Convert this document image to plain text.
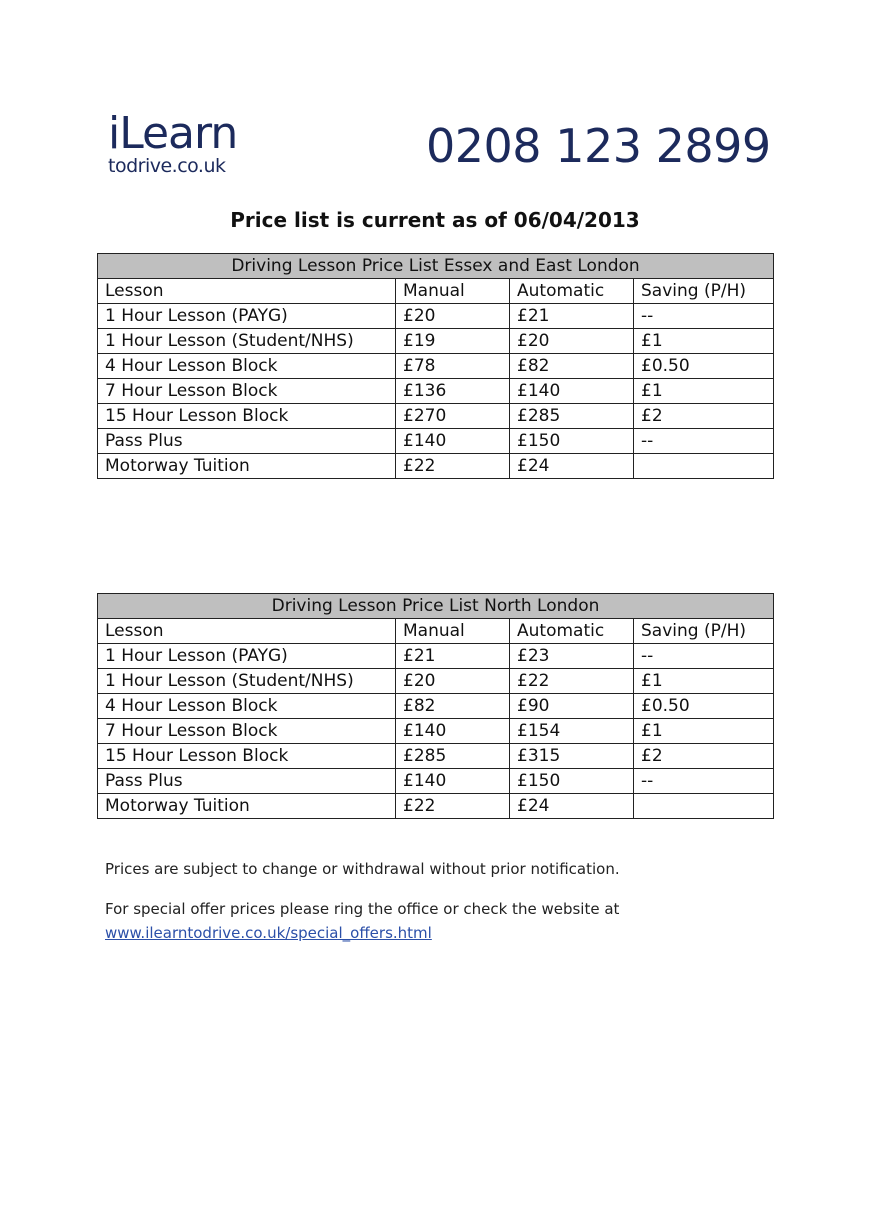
iLearn
todrive.co.uk	0208 123 2899
Price list is current as of 06/04/2013
Driving Lesson Price List Essex and East London			
Lesson	Manual	Automatic	Saving (P/H)
1 Hour Lesson (PAYG)	£20	£21	--
1 Hour Lesson (Student/NHS)	£19	£20	£1
4 Hour Lesson Block	£78	£82	£0.50
7 Hour Lesson Block	£136	£140	£1
15 Hour Lesson Block	£270	£285	£2
Pass Plus	£140	£150	--
Motorway Tuition	£22	£24	
Driving Lesson Price List North London			
Lesson	Manual	Automatic	Saving (P/H)
1 Hour Lesson (PAYG)	£21	£23	--
1 Hour Lesson (Student/NHS)	£20	£22	£1
4 Hour Lesson Block	£82	£90	£0.50
7 Hour Lesson Block	£140	£154	£1
15 Hour Lesson Block	£285	£315	£2
Pass Plus	£140	£150	--
Motorway Tuition	£22	£24	
Prices are subject to change or withdrawal without prior notification.
For special offer prices please ring the office or check the website at
www.ilearntodrive.co.uk/special_offers.html
